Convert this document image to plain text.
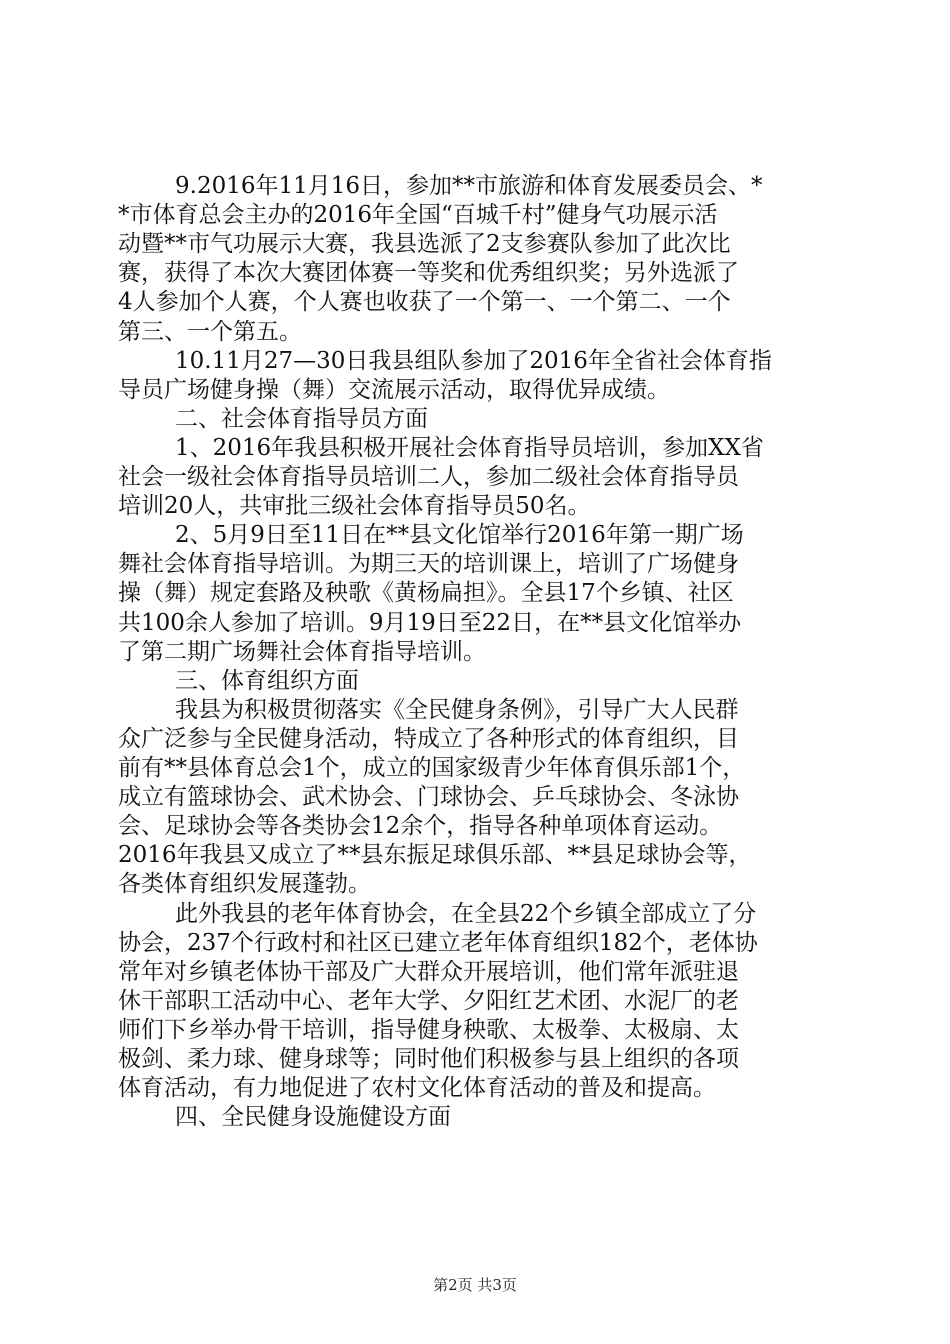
9.2016年11月16日，参加**市旅游和体育发展委员会、*
*市体育总会主办的2016年全国“百城千村”健身气功展示活
动暨**市气功展示大赛，我县选派了2支参赛队参加了此次比
赛，获得了本次大赛团体赛一等奖和优秀组织奖；另外选派了
4人参加个人赛，个人赛也收获了一个第一、一个第二、一个
第三、一个第五。
10.11月27—30日我县组队参加了2016年全省社会体育指
导员广场健身操（舞）交流展示活动，取得优异成绩。
二、社会体育指导员方面
1、2016年我县积极开展社会体育指导员培训，参加XX省
社会一级社会体育指导员培训二人，参加二级社会体育指导员
培训20人，共审批三级社会体育指导员50名。
2、5月9日至11日在**县文化馆举行2016年第一期广场
舞社会体育指导培训。为期三天的培训课上，培训了广场健身
操（舞）规定套路及秧歌《黄杨扁担》。全县17个乡镇、社区
共100余人参加了培训。9月19日至22日，在**县文化馆举办
了第二期广场舞社会体育指导培训。
三、体育组织方面
我县为积极贯彻落实《全民健身条例》，引导广大人民群
众广泛参与全民健身活动，特成立了各种形式的体育组织，目
前有**县体育总会1个，成立的国家级青少年体育俱乐部1个，
成立有篮球协会、武术协会、门球协会、乒乓球协会、冬泳协
会、足球协会等各类协会12余个，指导各种单项体育运动。
2016年我县又成立了**县东振足球俱乐部、**县足球协会等，
各类体育组织发展蓬勃。
此外我县的老年体育协会，在全县22个乡镇全部成立了分
协会，237个行政村和社区已建立老年体育组织182个，老体协
常年对乡镇老体协干部及广大群众开展培训，他们常年派驻退
休干部职工活动中心、老年大学、夕阳红艺术团、水泥厂的老
师们下乡举办骨干培训，指导健身秧歌、太极拳、太极扇、太
极剑、柔力球、健身球等；同时他们积极参与县上组织的各项
体育活动，有力地促进了农村文化体育活动的普及和提高。
四、全民健身设施健设方面
第2页 共3页
